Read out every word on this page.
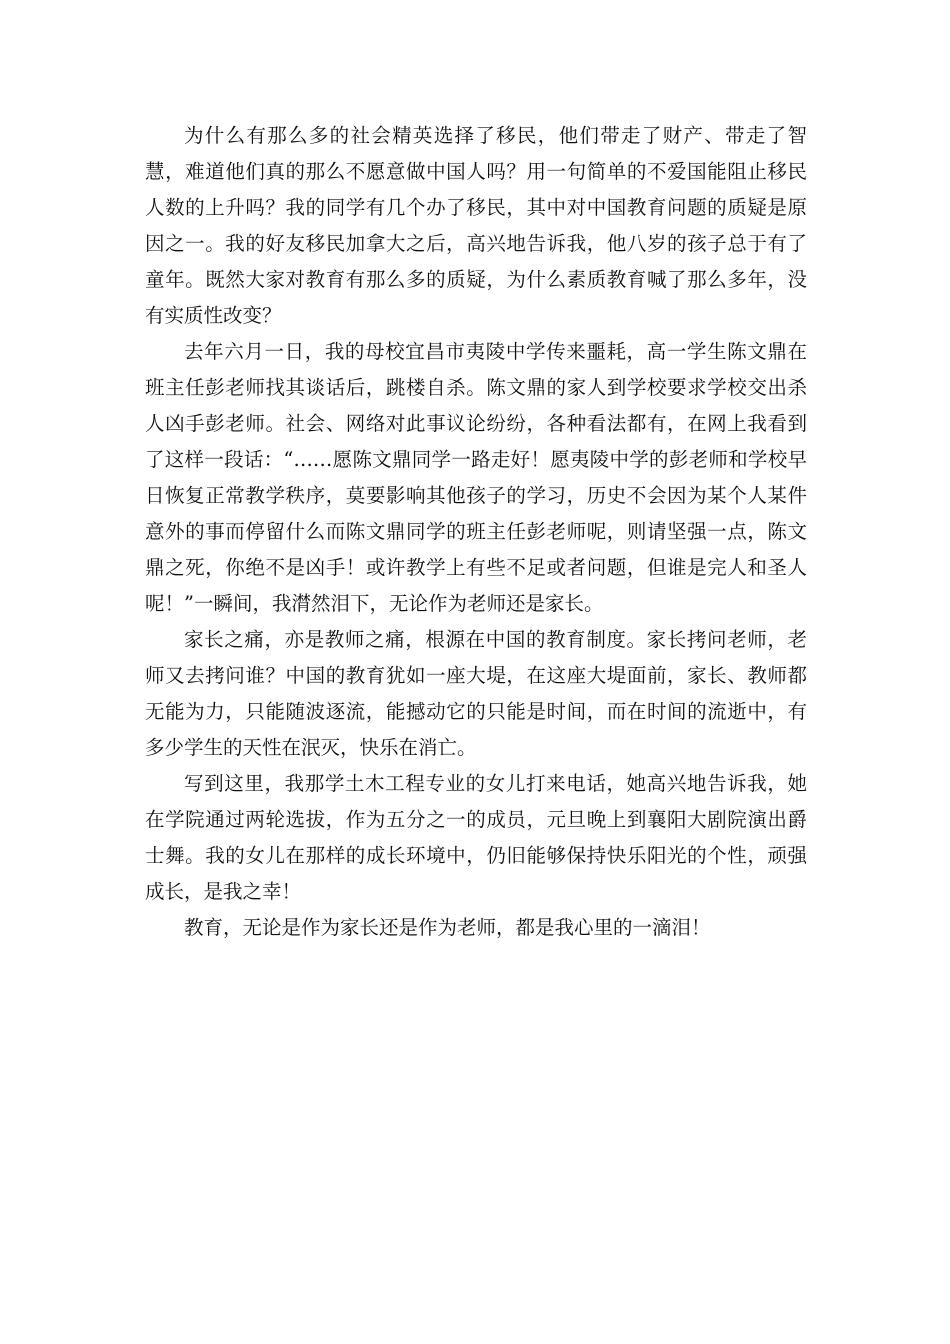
为什么有那么多的社会精英选择了移民，他们带走了财产、带走了智慧，难道他们真的那么不愿意做中国人吗？用一句简单的不爱国能阻止移民人数的上升吗？我的同学有几个办了移民，其中对中国教育问题的质疑是原因之一。我的好友移民加拿大之后，高兴地告诉我，他八岁的孩子总于有了童年。既然大家对教育有那么多的质疑，为什么素质教育喊了那么多年，没有实质性改变？

去年六月一日，我的母校宜昌市夷陵中学传来噩耗，高一学生陈文鼎在班主任彭老师找其谈话后，跳楼自杀。陈文鼎的家人到学校要求学校交出杀人凶手彭老师。社会、网络对此事议论纷纷，各种看法都有，在网上我看到了这样一段话：“……愿陈文鼎同学一路走好！愿夷陵中学的彭老师和学校早日恢复正常教学秩序，莫要影响其他孩子的学习，历史不会因为某个人某件意外的事而停留什么而陈文鼎同学的班主任彭老师呢，则请坚强一点，陈文鼎之死，你绝不是凶手！或许教学上有些不足或者问题，但谁是完人和圣人呢！”一瞬间，我潸然泪下，无论作为老师还是家长。

家长之痛，亦是教师之痛，根源在中国的教育制度。家长拷问老师，老师又去拷问谁？中国的教育犹如一座大堤，在这座大堤面前，家长、教师都无能为力，只能随波逐流，能撼动它的只能是时间，而在时间的流逝中，有多少学生的天性在泯灭，快乐在消亡。

写到这里，我那学土木工程专业的女儿打来电话，她高兴地告诉我，她在学院通过两轮选拔，作为五分之一的成员，元旦晚上到襄阳大剧院演出爵士舞。我的女儿在那样的成长环境中，仍旧能够保持快乐阳光的个性，顽强成长，是我之幸！

教育，无论是作为家长还是作为老师，都是我心里的一滴泪！
